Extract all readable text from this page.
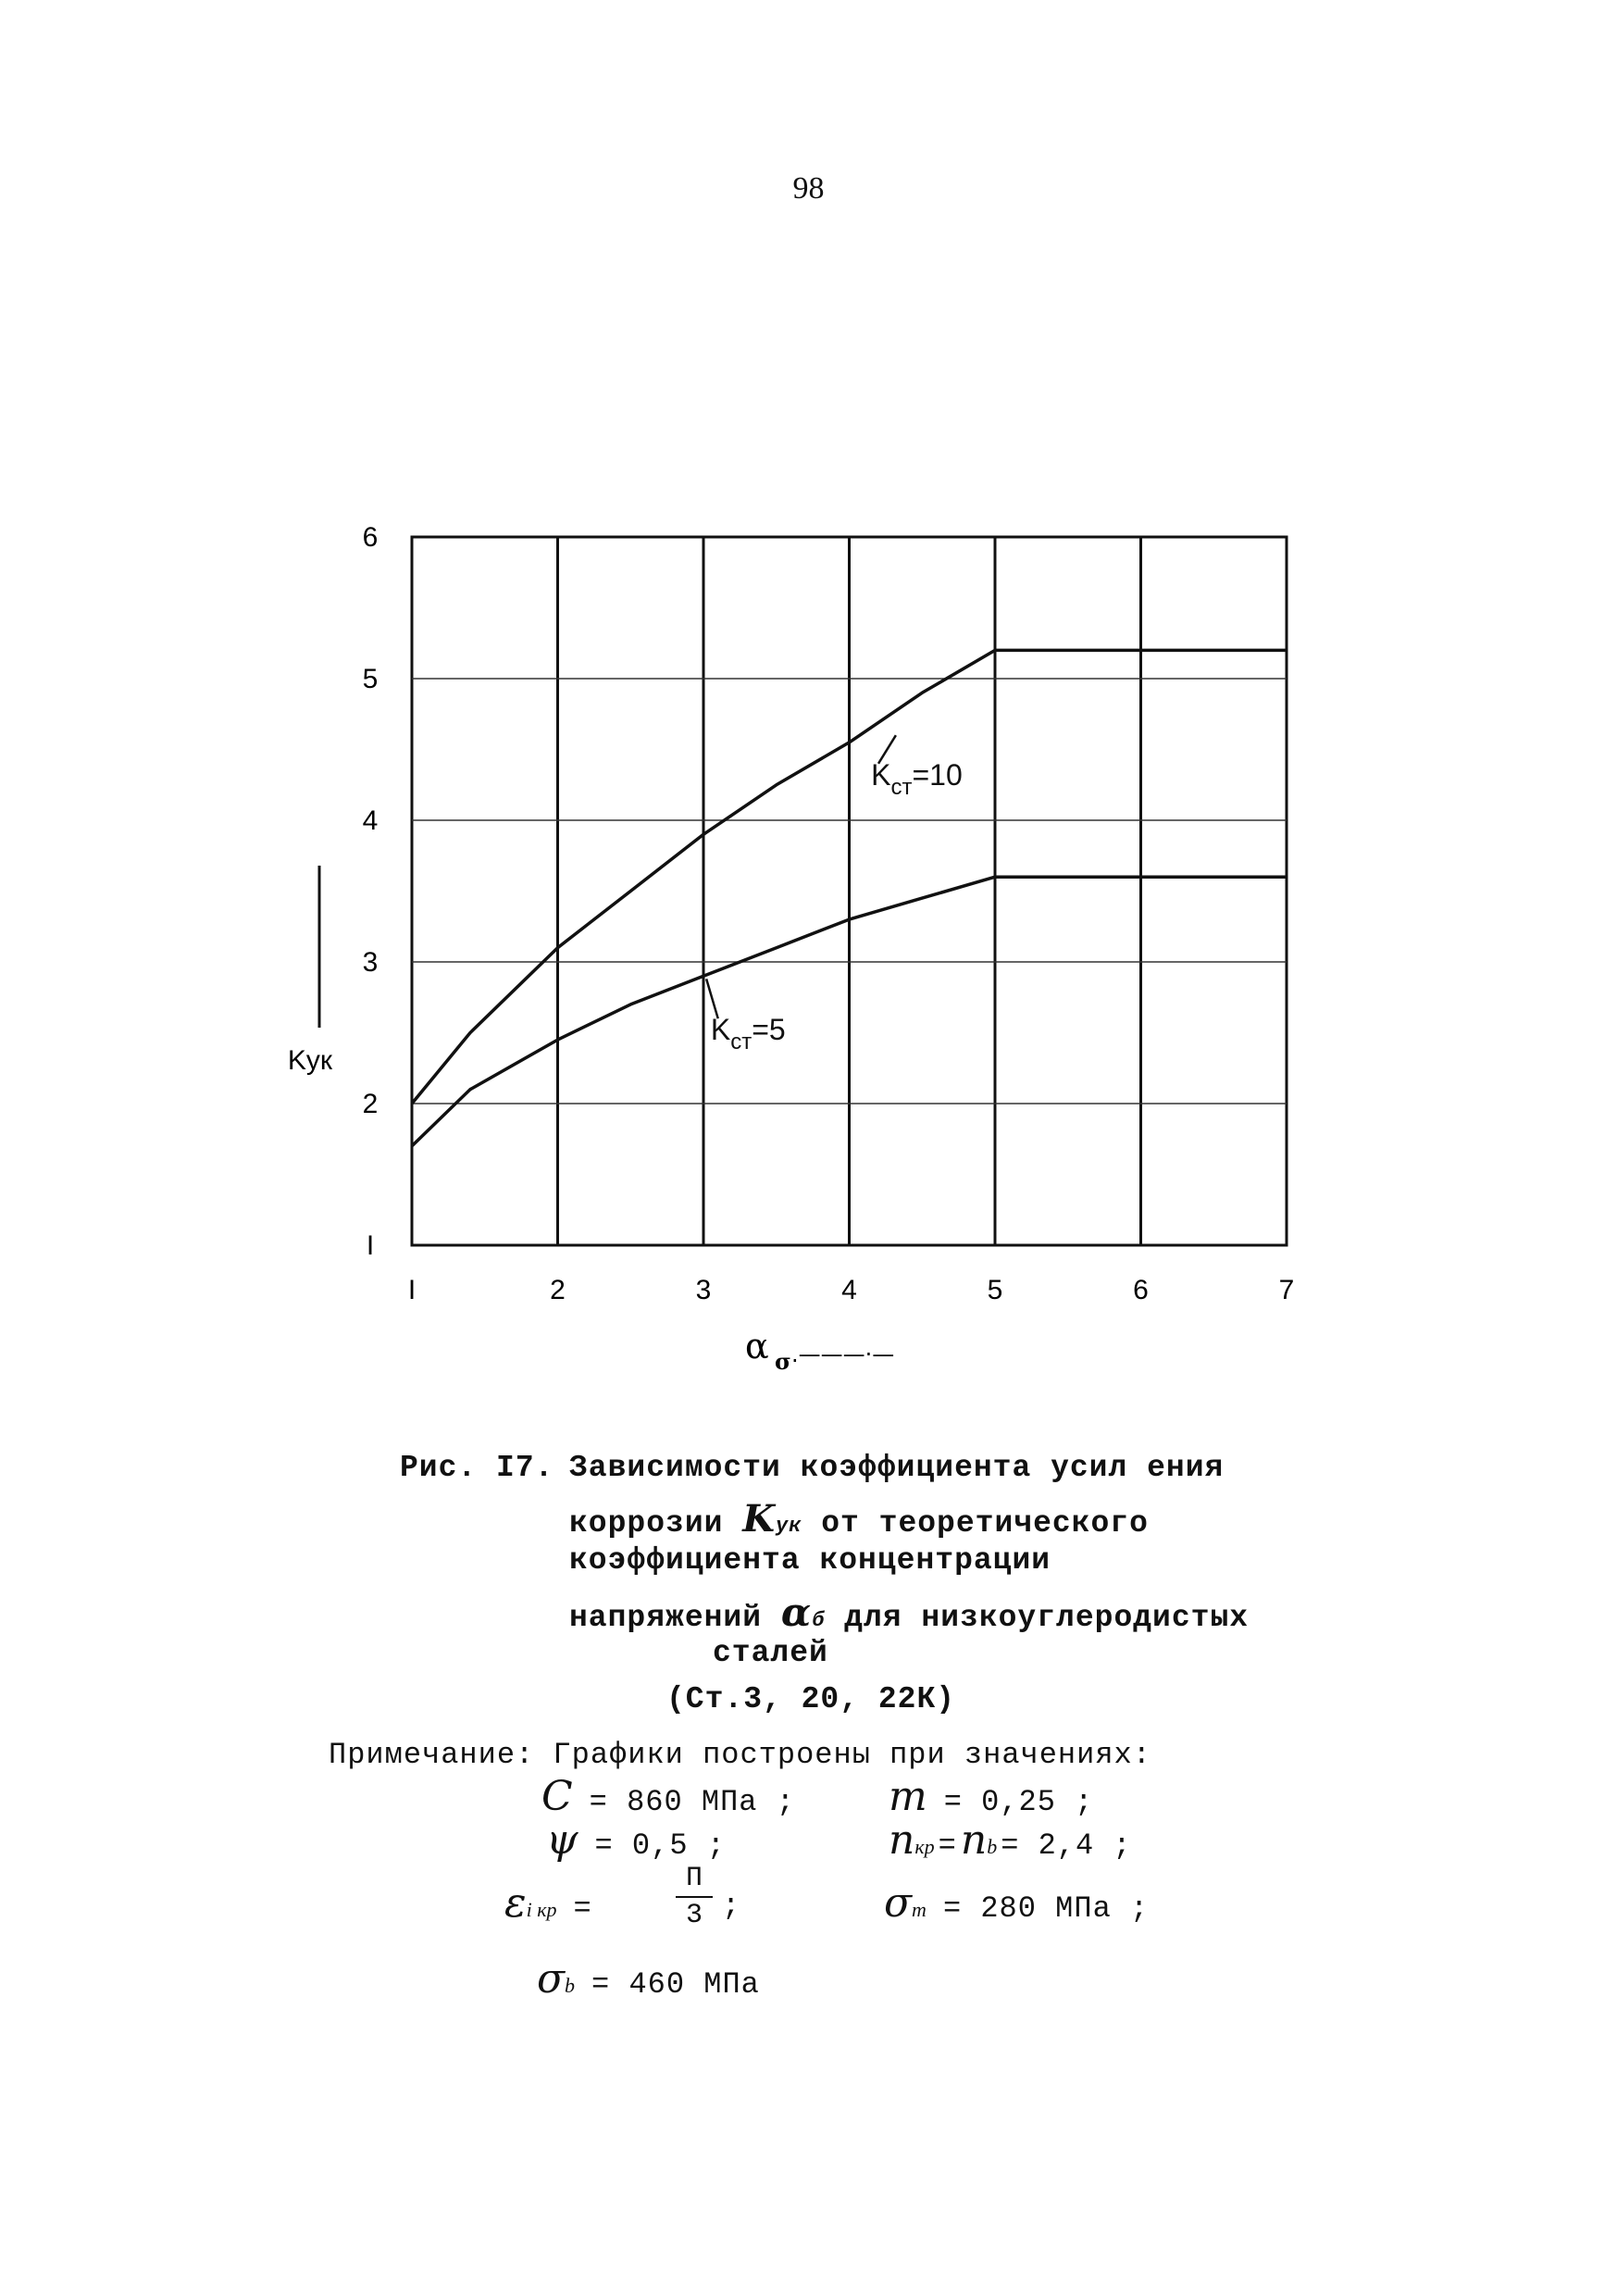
98
I	2	3	4	5	6	7
I
2
3
4
5
6
Kук
α σ .———·—
$K_{ст}=10$
$K_{ст}=5$
Рис. I7. Зависимости коэффициента усил ения
коррозии Kук от теоретического
коэффициента концентрации
напряжений αб для низкоуглеродистых
сталей
(Ст.3, 20, 22К)
Примечание: Графики построены при значениях:
C = 860 МПа ; m = 0,25 ;
ψ = 0,5 ;	nкр = nb = 2,4 ;
εi кр =
П
3 ;	σт = 280 МПа ;
σb = 460 МПа
